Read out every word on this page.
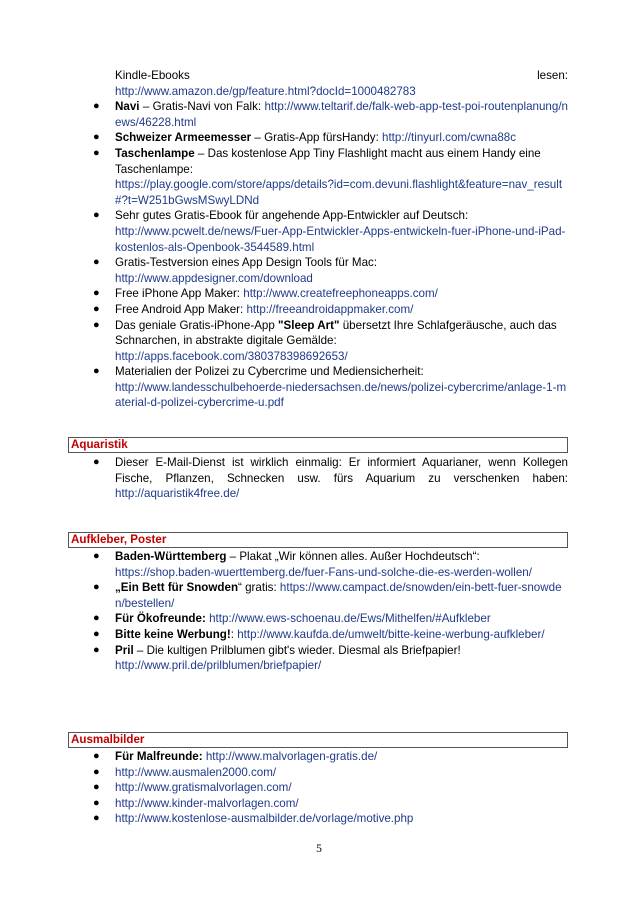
Kindle-Ebooks	lesen:
http://www.amazon.de/gp/feature.html?docId=1000482783
● Navi – Gratis-Navi von Falk: http://www.teltarif.de/falk-web-app-test-poi-routenplanung/news/46228.html
● Schweizer Armeemesser – Gratis-App fürsHandy: http://tinyurl.com/cwna88c
● Taschenlampe – Das kostenlose App Tiny Flashlight macht aus einem Handy eine Taschenlampe:
https://play.google.com/store/apps/details?id=com.devuni.flashlight&feature=nav_result#?t=W251bGwsMSwyLDNd
● Sehr gutes Gratis-Ebook für angehende App-Entwickler auf Deutsch:
http://www.pcwelt.de/news/Fuer-App-Entwickler-Apps-entwickeln-fuer-iPhone-und-iPad-kostenlos-als-Openbook-3544589.html
● Gratis-Testversion eines App Design Tools für Mac:
http://www.appdesigner.com/download
● Free iPhone App Maker: http://www.createfreephoneapps.com/
● Free Android App Maker: http://freeandroidappmaker.com/
● Das geniale Gratis-iPhone-App "Sleep Art" übersetzt Ihre Schlafgeräusche, auch das Schnarchen, in abstrakte digitale Gemälde:
http://apps.facebook.com/380378398692653/
● Materialien der Polizei zu Cybercrime und Mediensicherheit:
http://www.landesschulbehoerde-niedersachsen.de/news/polizei-cybercrime/anlage-1-material-d-polizei-cybercrime-u.pdf
Aquaristik
● Dieser E-Mail-Dienst ist wirklich einmalig: Er informiert Aquarianer, wenn Kollegen Fische, Pflanzen, Schnecken usw. fürs Aquarium zu verschenken haben: http://aquaristik4free.de/
Aufkleber, Poster
● Baden-Württemberg – Plakat „Wir können alles. Außer Hochdeutsch“:
https://shop.baden-wuerttemberg.de/fuer-Fans-und-solche-die-es-werden-wollen/
● „Ein Bett für Snowden“ gratis: https://www.campact.de/snowden/ein-bett-fuer-snowden/bestellen/
● Für Ökofreunde: http://www.ews-schoenau.de/Ews/Mithelfen/#Aufkleber
● Bitte keine Werbung!: http://www.kaufda.de/umwelt/bitte-keine-werbung-aufkleber/
● Pril – Die kultigen Prilblumen gibt's wieder. Diesmal als Briefpapier!
http://www.pril.de/prilblumen/briefpapier/
Ausmalbilder
● Für Malfreunde: http://www.malvorlagen-gratis.de/
● http://www.ausmalen2000.com/
● http://www.gratismalvorlagen.com/
● http://www.kinder-malvorlagen.com/
● http://www.kostenlose-ausmalbilder.de/vorlage/motive.php
5
